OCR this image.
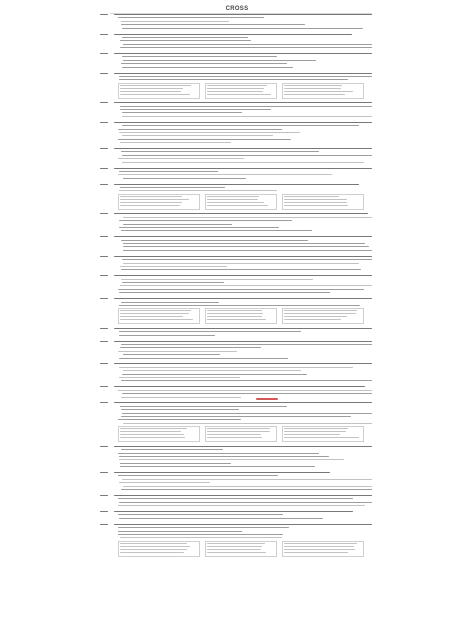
CROSS
